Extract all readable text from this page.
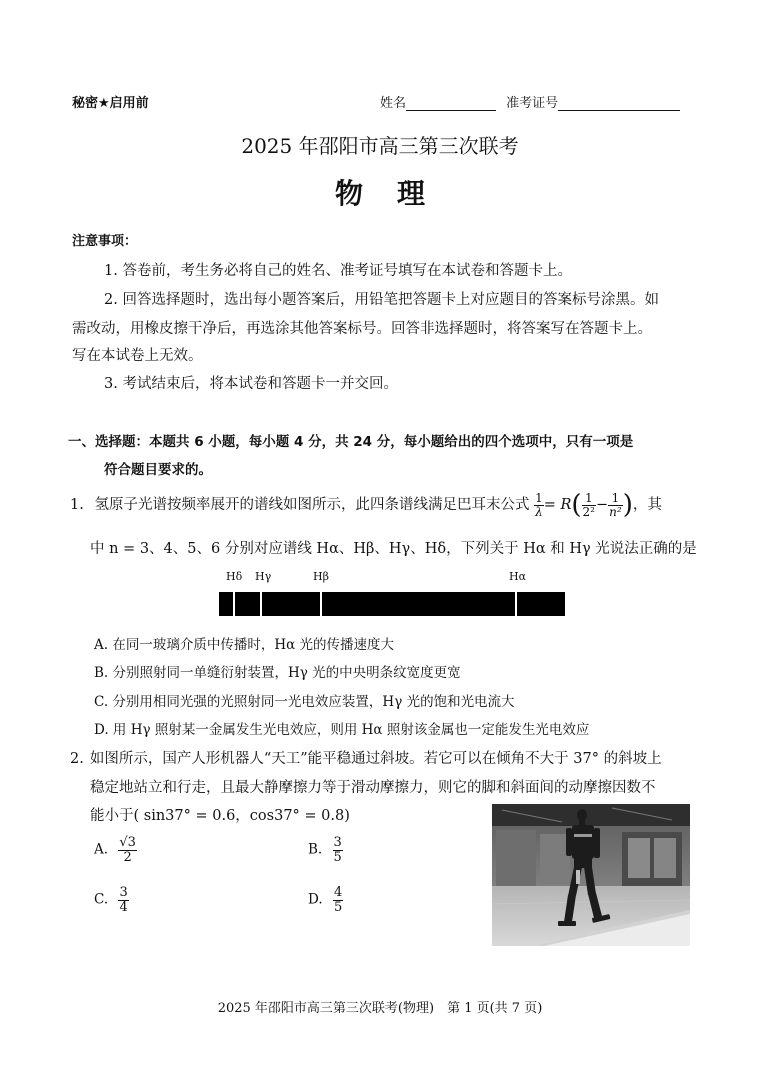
秘密★启用前	姓名	准考证号
2025 年邵阳市高三第三次联考
物理
注意事项：
1. 答卷前，考生务必将自己的姓名、准考证号填写在本试卷和答题卡上。
2. 回答选择题时，选出每小题答案后，用铅笔把答题卡上对应题目的答案标号涂黑。如
需改动，用橡皮擦干净后，再选涂其他答案标号。回答非选择题时，将答案写在答题卡上。
写在本试卷上无效。
3. 考试结束后，将本试卷和答题卡一并交回。
一、选择题：本题共 6 小题，每小题 4 分，共 24 分，每小题给出的四个选项中，只有一项是
符合题目要求的。
1. 氢原子光谱按频率展开的谱线如图所示，此四条谱线满足巴耳末公式 $\frac{1}{\lambda} = R( \frac{1}{\text{2²}} - \frac{1}{\text{n²}}$ )，其
中 n = 3、4、5、6 分别对应谱线 Hα、Hβ、Hγ、Hδ，下列关于 Hα 和 Hγ 光说法正确的是
Hδ Hγ	Hβ	Hα
A. 在同一玻璃介质中传播时，Hα 光的传播速度大
B. 分别照射同一单缝衍射装置，Hγ 光的中央明条纹宽度更宽
C. 分别用相同光强的光照射同一光电效应装置，Hγ 光的饱和光电流大
D. 用 Hγ 照射某一金属发生光电效应，则用 Hα 照射该金属也一定能发生光电效应
2. 如图所示，国产人形机器人“天工”能平稳通过斜坡。若它可以在倾角不大于 37° 的斜坡上
稳定地站立和行走，且最大静摩擦力等于滑动摩擦力，则它的脚和斜面间的动摩擦因数不
能小于( sin37° = 0.6，cos37° = 0.8)
A. $\frac{√3}{2}$	B. $\frac{3}{5}$
C. $\frac{3}{4}$	D. $\frac{4}{5}$
2025 年邵阳市高三第三次联考(物理)　第 1 页(共 7 页)
